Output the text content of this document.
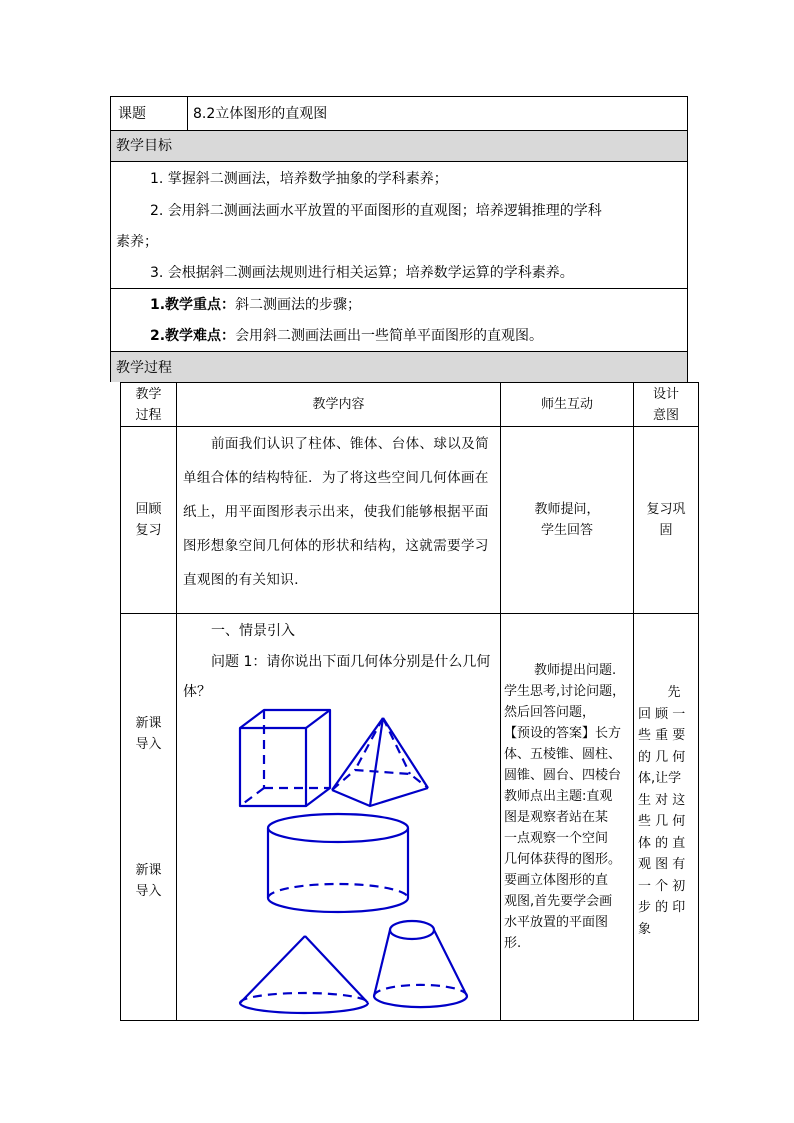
课题	8.2立体图形的直观图
教学目标
1. 掌握斜二测画法，培养数学抽象的学科素养；
2. 会用斜二测画法画水平放置的平面图形的直观图；培养逻辑推理的学科
素养；
3. 会根据斜二测画法规则进行相关运算；培养数学运算的学科素养。
1.教学重点：斜二测画法的步骤；
2.教学难点：会用斜二测画法画出一些简单平面图形的直观图。
教学过程
教学
过程
教学内容	师生互动
设计
意图
回顾
复习
前面我们认识了柱体、锥体、台体、球以及简
单组合体的结构特征．为了将这些空间几何体画在
纸上，用平面图形表示出来，使我们能够根据平面
图形想象空间几何体的形状和结构，这就需要学习
直观图的有关知识．
教师提问，
学生回答
复习巩
固
新课
导入
新课
导入
一、情景引入
问题 1：请你说出下面几何体分别是什么几何
体？
教师提出问题.
学生思考,讨论问题，
然后回答问题，
【预设的答案】长方
体、五棱锥、圆柱、
圆锥、圆台、四棱台
教师点出主题:直观
图是观察者站在某
一点观察一个空间
几何体获得的图形。
要画立体图形的直
观图,首先要学会画
水平放置的平面图
形.
先
回 顾 一
些 重 要
的 几 何
体,让学
生 对 这
些 几 何
体 的 直
观 图 有
一 个 初
步 的 印
象
